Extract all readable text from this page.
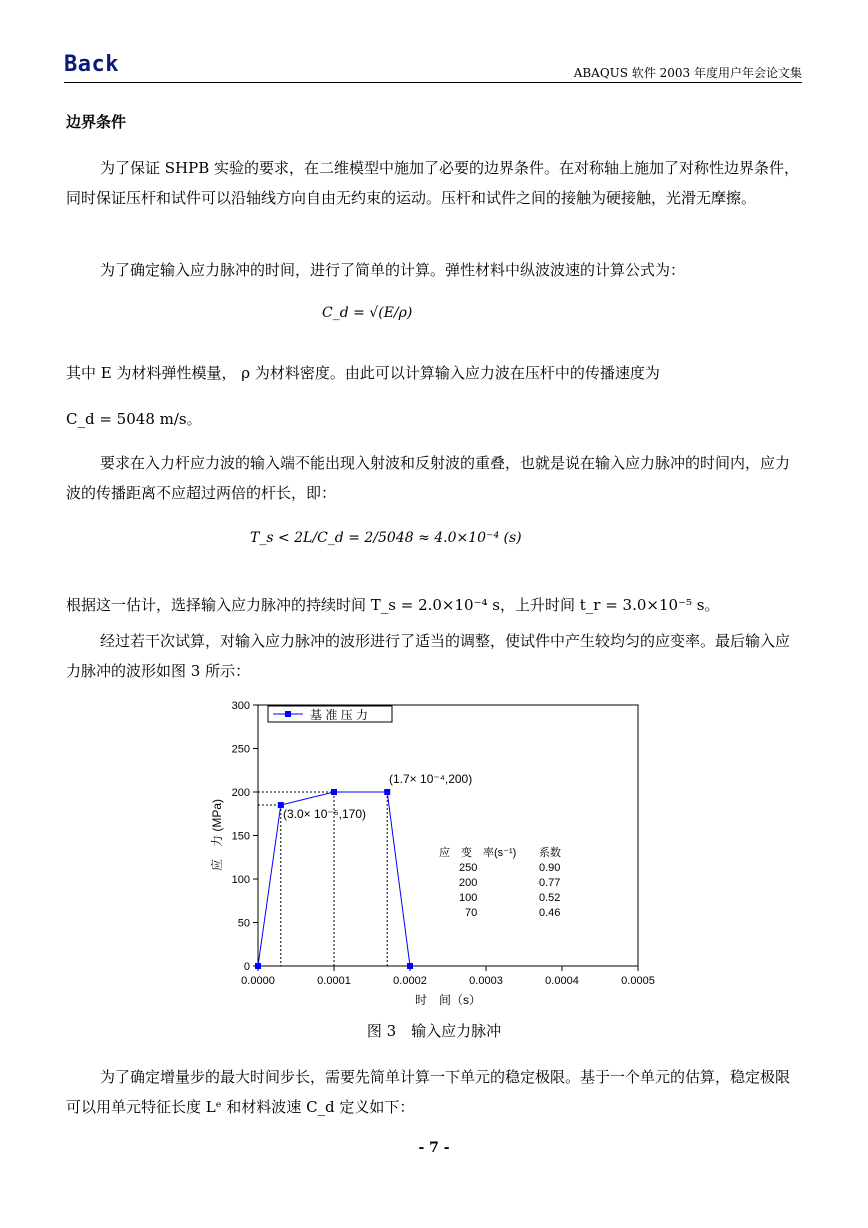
Back	ABAQUS 软件 2003 年度用户年会论文集
边界条件
为了保证 SHPB 实验的要求，在二维模型中施加了必要的边界条件。在对称轴上施加了对称性边界条件，同时保证压杆和试件可以沿轴线方向自由无约束的运动。压杆和试件之间的接触为硬接触，光滑无摩擦。
为了确定输入应力脉冲的时间，进行了简单的计算。弹性材料中纵波波速的计算公式为：
C_d = √(E/ρ)
其中 E 为材料弹性模量， ρ 为材料密度。由此可以计算输入应力波在压杆中的传播速度为
C_d = 5048 m/s。
要求在入力杆应力波的输入端不能出现入射波和反射波的重叠，也就是说在输入应力脉冲的时间内，应力波的传播距离不应超过两倍的杆长，即：
T_s < 2L/C_d = 2/5048 ≈ 4.0×10⁻⁴ (s)
根据这一估计，选择输入应力脉冲的持续时间 T_s = 2.0×10⁻⁴ s，上升时间 t_r = 3.0×10⁻⁵ s。
经过若干次试算，对输入应力脉冲的波形进行了适当的调整，使试件中产生较均匀的应变率。最后输入应力脉冲的波形如图 3 所示：
0
50
100
150
200
250
300
0.0000	0.0001	0.0002	0.0003	0.0004	0.0005
基 准 压 力
(1.7× 10⁻⁴,200)
(3.0× 10⁻⁵,170)
应　变　率(s⁻¹) 系数
250	0.90
200	0.77
100	0.52
70	0.46
时　间（s）
应　力 (MPa)
图 3　输入应力脉冲
为了确定增量步的最大时间步长，需要先简单计算一下单元的稳定极限。基于一个单元的估算，稳定极限可以用单元特征长度 Lᵉ 和材料波速 C_d 定义如下：
- 7 -
